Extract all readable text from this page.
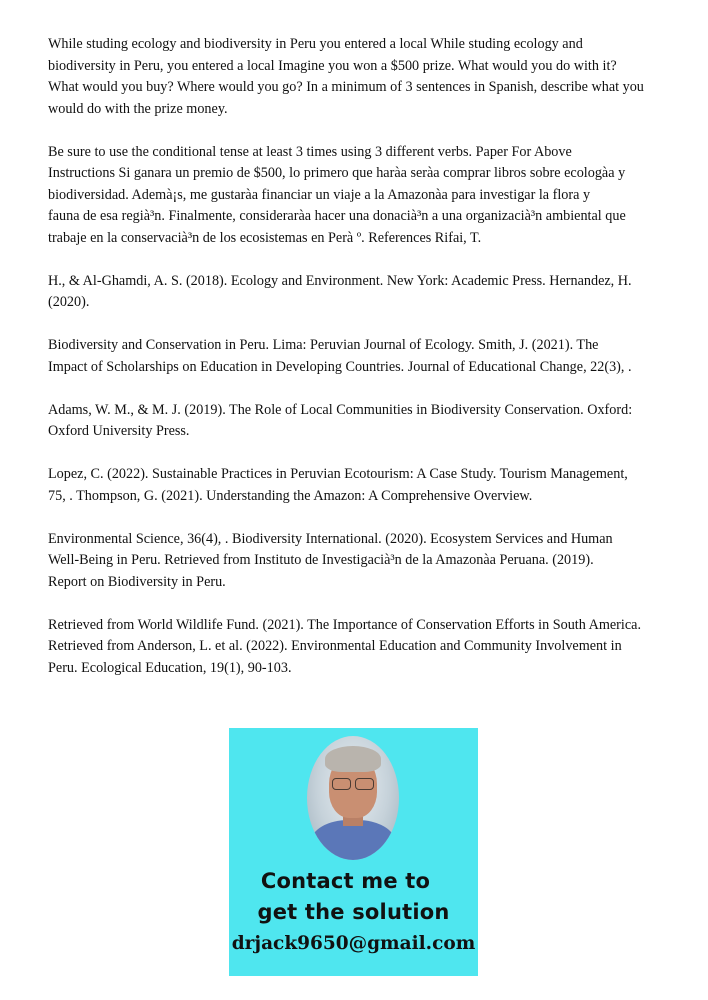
While studing ecology and biodiversity in Peru you entered a local While studing ecology and
biodiversity in Peru, you entered a local Imagine you won a $500 prize. What would you do with it?
What would you buy? Where would you go? In a minimum of 3 sentences in Spanish, describe what you
would do with the prize money.

Be sure to use the conditional tense at least 3 times using 3 different verbs. Paper For Above
Instructions Si ganara un premio de $500, lo primero que haràa seràa comprar libros sobre ecologàa y
biodiversidad. Ademà¡s, me gustaràa financiar un viaje a la Amazonàa para investigar la flora y
fauna de esa regià³n. Finalmente, consideraràa hacer una donacià³n a una organizacià³n ambiental que
trabaje en la conservacià³n de los ecosistemas en Perà º. References Rifai, T.

H., & Al-Ghamdi, A. S. (2018). Ecology and Environment. New York: Academic Press. Hernandez, H.
(2020).

Biodiversity and Conservation in Peru. Lima: Peruvian Journal of Ecology. Smith, J. (2021). The
Impact of Scholarships on Education in Developing Countries. Journal of Educational Change, 22(3), .

Adams, W. M., & M. J. (2019). The Role of Local Communities in Biodiversity Conservation. Oxford:
Oxford University Press.

Lopez, C. (2022). Sustainable Practices in Peruvian Ecotourism: A Case Study. Tourism Management,
75, . Thompson, G. (2021). Understanding the Amazon: A Comprehensive Overview.

Environmental Science, 36(4), . Biodiversity International. (2020). Ecosystem Services and Human
Well-Being in Peru. Retrieved from Instituto de Investigacià³n de la Amazonàa Peruana. (2019).
Report on Biodiversity in Peru.

Retrieved from World Wildlife Fund. (2021). The Importance of Conservation Efforts in South America.
Retrieved from Anderson, L. et al. (2022). Environmental Education and Community Involvement in
Peru. Ecological Education, 19(1), 90-103.

Contact me to
get the solution
drjack9650@gmail.com
